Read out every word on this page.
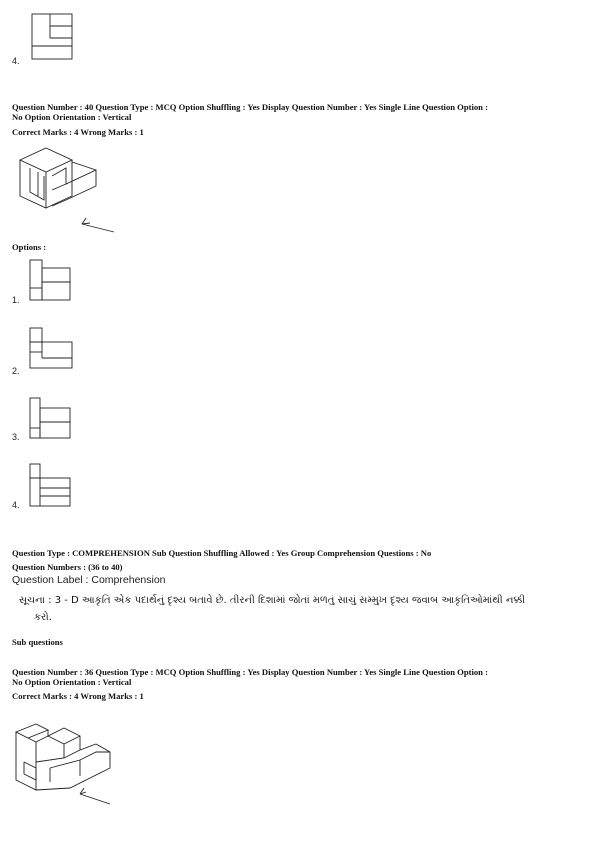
4.
Question Number : 40 Question Type : MCQ Option Shuffling : Yes Display Question Number : Yes Single Line Question Option :
No Option Orientation : Vertical
Correct Marks : 4 Wrong Marks : 1
Options :
1.
2.
3.
4.
Question Type : COMPREHENSION Sub Question Shuffling Allowed : Yes Group Comprehension Questions : No
Question Numbers : (36 to 40)
Question Label : Comprehension
સૂચના : 3 - D આકૃતિ એક પદાર્થનું દૃશ્ય બતાવે છે. તીરની દિશામાં જોતાં મળતું સાચું સમ્મુખ દૃશ્ય જવાબ આકૃતિઓમાંથી નક્કી
કરો.
Sub questions
Question Number : 36 Question Type : MCQ Option Shuffling : Yes Display Question Number : Yes Single Line Question Option :
No Option Orientation : Vertical
Correct Marks : 4 Wrong Marks : 1
